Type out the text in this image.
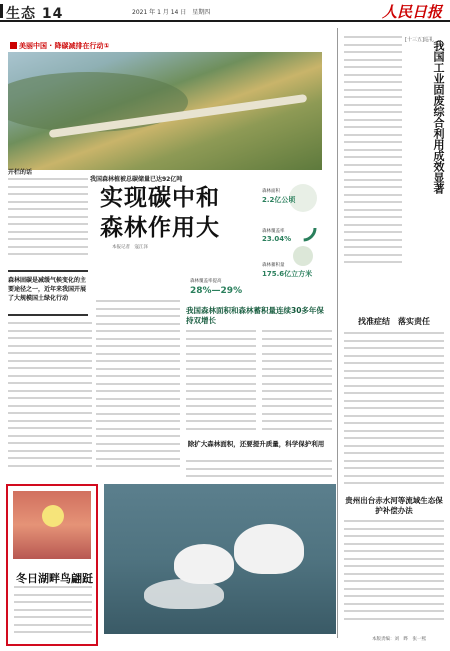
生态 14	2021 年 1 月 14 日　星期四	人民日报
美丽中国 · 降碳减排在行动①
我国森林植被总碳储量已达92亿吨
实现碳中和
森林作用大
本报记者　寇江泽
森林面积
2.2亿公顷
森林覆盖率
23.04%
森林蓄积量
175.6亿立方米
森林覆盖率提高
28%—29%
开栏的话
森林固碳是减缓气候变化的主要途径之一，近年来我国开展了大规模国土绿化行动
我国森林面积和森林蓄积量连续30多年保持双增长
除扩大森林面积，还要提升质量，科学保护利用
[十三五]巡礼
我国工业固废综合利用成效显著
找准症结　落实责任
贵州出台赤水河等流域生态保护补偿办法
冬日湖畔鸟翩跹
本版责编：刘　晔　张一熙
